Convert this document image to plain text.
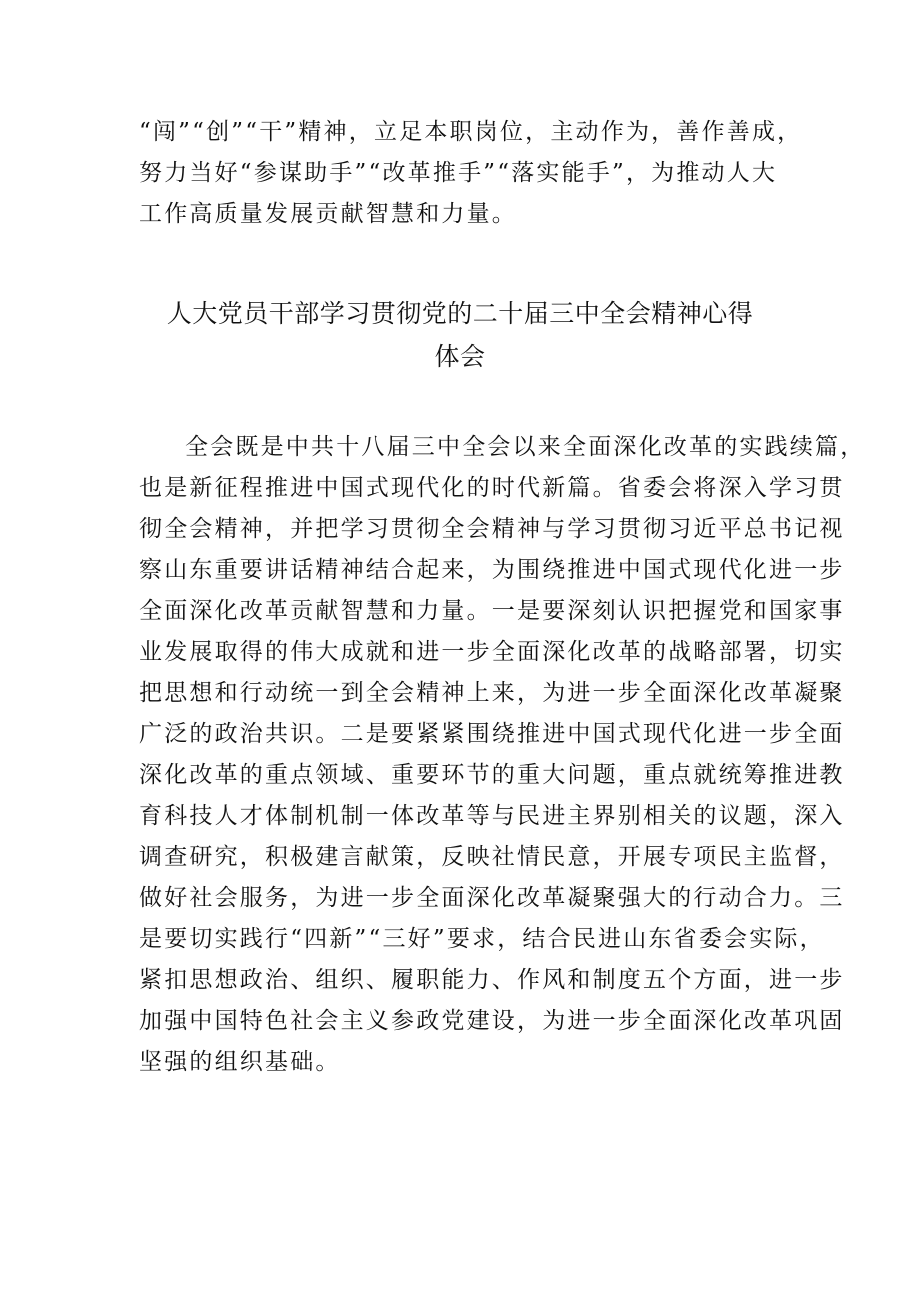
“闯”“创”“干”精神，立足本职岗位，主动作为，善作善成，
努力当好“参谋助手”“改革推手”“落实能手”，为推动人大
工作高质量发展贡献智慧和力量。
人大党员干部学习贯彻党的二十届三中全会精神心得
体会
全会既是中共十八届三中全会以来全面深化改革的实践续篇，
也是新征程推进中国式现代化的时代新篇。省委会将深入学习贯
彻全会精神，并把学习贯彻全会精神与学习贯彻习近平总书记视
察山东重要讲话精神结合起来，为围绕推进中国式现代化进一步
全面深化改革贡献智慧和力量。一是要深刻认识把握党和国家事
业发展取得的伟大成就和进一步全面深化改革的战略部署，切实
把思想和行动统一到全会精神上来，为进一步全面深化改革凝聚
广泛的政治共识。二是要紧紧围绕推进中国式现代化进一步全面
深化改革的重点领域、重要环节的重大问题，重点就统筹推进教
育科技人才体制机制一体改革等与民进主界别相关的议题，深入
调查研究，积极建言献策，反映社情民意，开展专项民主监督，
做好社会服务，为进一步全面深化改革凝聚强大的行动合力。三
是要切实践行“四新”“三好”要求，结合民进山东省委会实际，
紧扣思想政治、组织、履职能力、作风和制度五个方面，进一步
加强中国特色社会主义参政党建设，为进一步全面深化改革巩固
坚强的组织基础。
